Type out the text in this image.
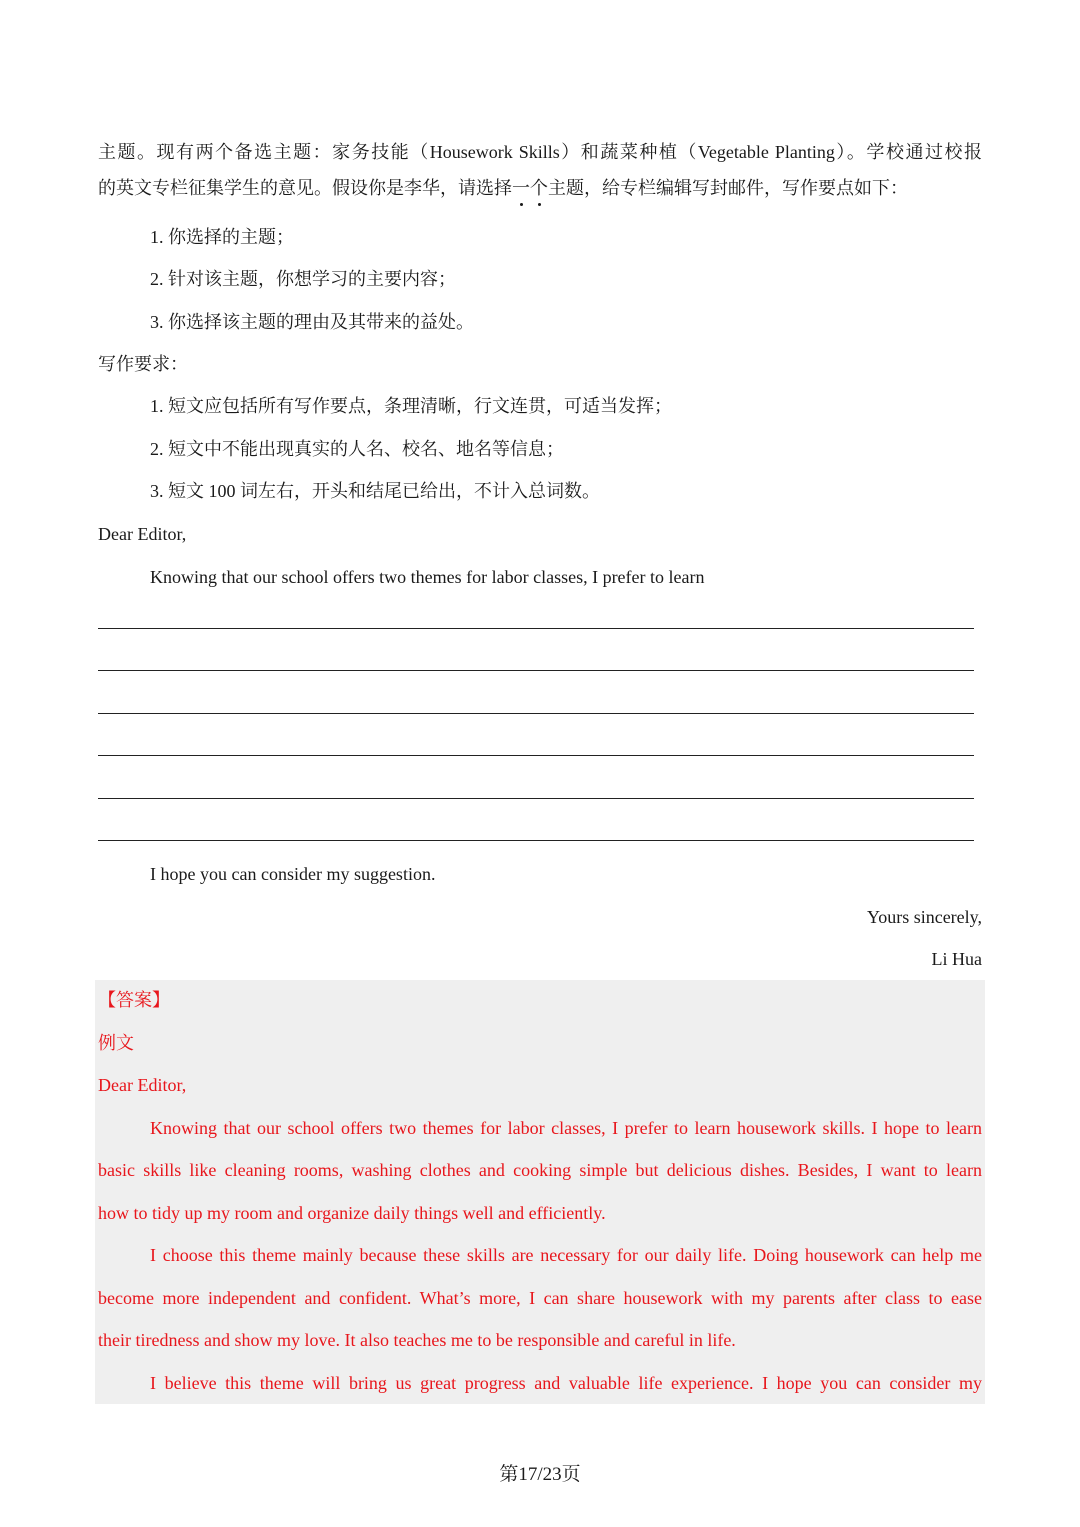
主题。现有两个备选主题：家务技能（Housework Skills）和蔬菜种植（Vegetable Planting）。学校通过校报
的英文专栏征集学生的意见。假设你是李华，请选择一个主题，给专栏编辑写封邮件，写作要点如下：
1. 你选择的主题；
2. 针对该主题，你想学习的主要内容；
3. 你选择该主题的理由及其带来的益处。
写作要求：
1. 短文应包括所有写作要点，条理清晰，行文连贯，可适当发挥；
2. 短文中不能出现真实的人名、校名、地名等信息；
3. 短文 100 词左右，开头和结尾已给出，不计入总词数。
Dear Editor,
Knowing that our school offers two themes for labor classes, I prefer to learn
I hope you can consider my suggestion.
Yours sincerely,
Li Hua
【答案】
例文
Dear Editor,
Knowing that our school offers two themes for labor classes, I prefer to learn housework skills. I hope to learn
basic skills like cleaning rooms, washing clothes and cooking simple but delicious dishes. Besides, I want to learn
how to tidy up my room and organize daily things well and efficiently.
I choose this theme mainly because these skills are necessary for our daily life. Doing housework can help me
become more independent and confident. What’s more, I can share housework with my parents after class to ease
their tiredness and show my love. It also teaches me to be responsible and careful in life.
I believe this theme will bring us great progress and valuable life experience. I hope you can consider my
第17/23页
